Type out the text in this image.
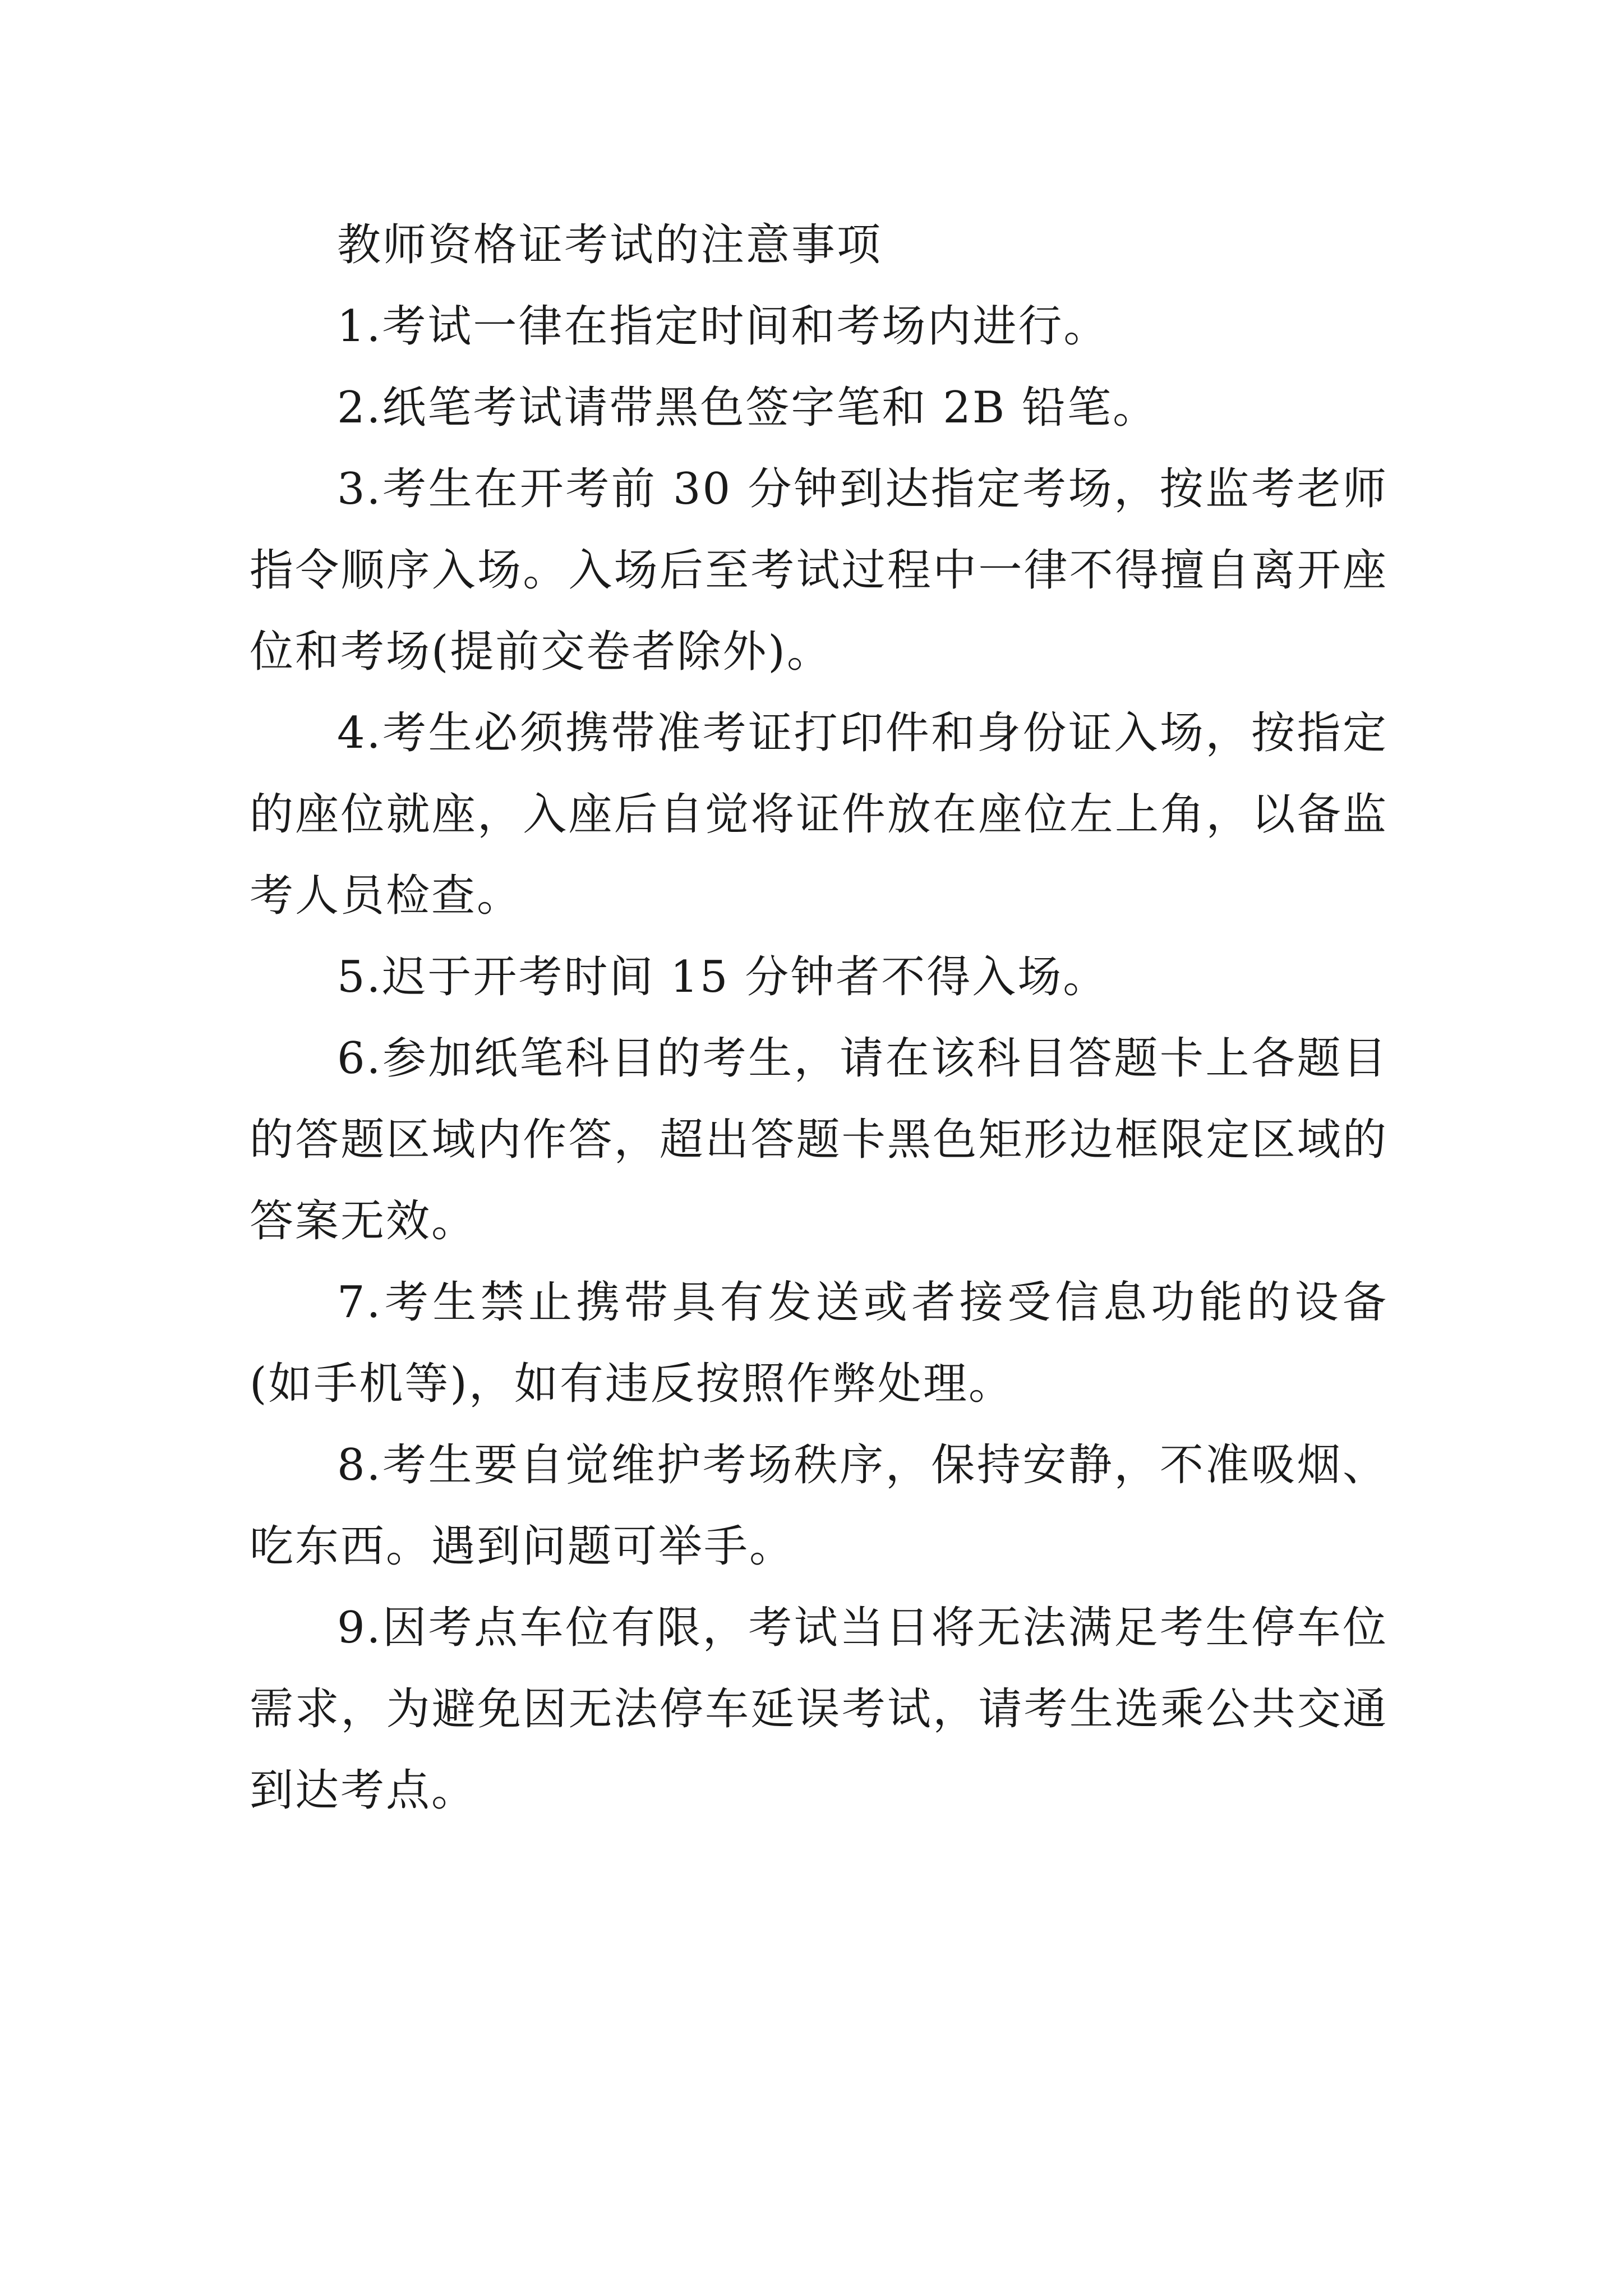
教师资格证考试的注意事项

1.考试一律在指定时间和考场内进行。

2.纸笔考试请带黑色签字笔和 2B 铅笔。

3.考生在开考前 30 分钟到达指定考场，按监考老师指令顺序入场。入场后至考试过程中一律不得擅自离开座位和考场(提前交卷者除外)。

4.考生必须携带准考证打印件和身份证入场，按指定的座位就座，入座后自觉将证件放在座位左上角，以备监考人员检查。

5.迟于开考时间 15 分钟者不得入场。

6.参加纸笔科目的考生，请在该科目答题卡上各题目的答题区域内作答，超出答题卡黑色矩形边框限定区域的答案无效。

7.考生禁止携带具有发送或者接受信息功能的设备(如手机等)，如有违反按照作弊处理。

8.考生要自觉维护考场秩序，保持安静，不准吸烟、吃东西。遇到问题可举手。

9.因考点车位有限，考试当日将无法满足考生停车位需求，为避免因无法停车延误考试，请考生选乘公共交通到达考点。
